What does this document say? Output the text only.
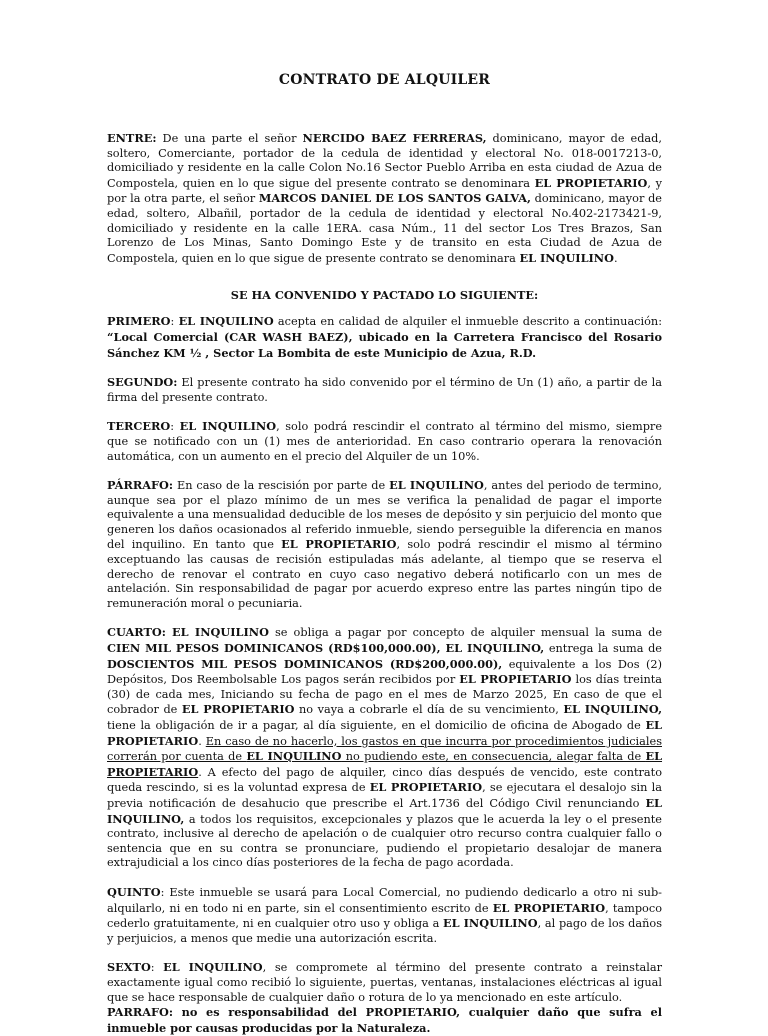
CONTRATO DE ALQUILER
ENTRE: De una parte el señor NERCIDO BAEZ FERRERAS, dominicano, mayor de edad, soltero, Comerciante, portador de la cedula de identidad y electoral No. 018-0017213-0, domiciliado y residente en la calle Colon No.16 Sector Pueblo Arriba en esta ciudad de Azua de Compostela, quien en lo que sigue del presente contrato se denominara EL PROPIETARIO, y por la otra parte, el señor MARCOS DANIEL DE LOS SANTOS GALVA, dominicano, mayor de edad, soltero, Albañil, portador de la cedula de identidad y electoral No.402-2173421-9, domiciliado y residente en la calle 1ERA. casa Núm., 11 del sector Los Tres Brazos, San Lorenzo de Los Minas, Santo Domingo Este y de transito en esta Ciudad de Azua de Compostela, quien en lo que sigue de presente contrato se denominara EL INQUILINO.
SE HA CONVENIDO Y PACTADO LO SIGUIENTE:
PRIMERO: EL INQUILINO acepta en calidad de alquiler el inmueble descrito a continuación: “Local Comercial (CAR WASH BAEZ), ubicado en la Carretera Francisco del Rosario Sánchez KM ½ , Sector La Bombita de este Municipio de Azua, R.D.
SEGUNDO: El presente contrato ha sido convenido por el término de Un (1) año, a partir de la firma del presente contrato.
TERCERO: EL INQUILINO, solo podrá rescindir el contrato al término del mismo, siempre que se notificado con un (1) mes de anterioridad. En caso contrario operara la renovación automática, con un aumento en el precio del Alquiler de un 10%.
PÁRRAFO: En caso de la rescisión por parte de EL INQUILINO, antes del periodo de termino, aunque sea por el plazo mínimo de un mes se verifica la penalidad de pagar el importe equivalente a una mensualidad deducible de los meses de depósito y sin perjuicio del monto que generen los daños ocasionados al referido inmueble, siendo perseguible la diferencia en manos del inquilino. En tanto que EL PROPIETARIO, solo podrá rescindir el mismo al término exceptuando las causas de recisión estipuladas más adelante, al tiempo que se reserva el derecho de renovar el contrato en cuyo caso negativo deberá notificarlo con un mes de antelación. Sin responsabilidad de pagar por acuerdo expreso entre las partes ningún tipo de remuneración moral o pecuniaria.
CUARTO: EL INQUILINO se obliga a pagar por concepto de alquiler mensual la suma de CIEN MIL PESOS DOMINICANOS (RD$100,000.00), EL INQUILINO, entrega la suma de DOSCIENTOS MIL PESOS DOMINICANOS (RD$200,000.00), equivalente a los Dos (2) Depósitos, Dos Reembolsable Los pagos serán recibidos por EL PROPIETARIO los días treinta (30) de cada mes, Iniciando su fecha de pago en el mes de Marzo 2025, En caso de que el cobrador de EL PROPIETARIO no vaya a cobrarle el día de su vencimiento, EL INQUILINO, tiene la obligación de ir a pagar, al día siguiente, en el domicilio de oficina de Abogado de EL PROPIETARIO. En caso de no hacerlo, los gastos en que incurra por procedimientos judiciales correrán por cuenta de EL INQUILINO no pudiendo este, en consecuencia, alegar falta de EL PROPIETARIO. A efecto del pago de alquiler, cinco días después de vencido, este contrato queda rescindo, si es la voluntad expresa de EL PROPIETARIO, se ejecutara el desalojo sin la previa notificación de desahucio que prescribe el Art.1736 del Código Civil renunciando EL INQUILINO, a todos los requisitos, excepcionales y plazos que le acuerda la ley o el presente contrato, inclusive al derecho de apelación o de cualquier otro recurso contra cualquier fallo o sentencia que en su contra se pronunciare, pudiendo el propietario desalojar de manera extrajudicial a los cinco días posteriores de la fecha de pago acordada.
QUINTO: Este inmueble se usará para Local Comercial, no pudiendo dedicarlo a otro ni sub-alquilarlo, ni en todo ni en parte, sin el consentimiento escrito de EL PROPIETARIO, tampoco cederlo gratuitamente, ni en cualquier otro uso y obliga a EL INQUILINO, al pago de los daños y perjuicios, a menos que medie una autorización escrita.
SEXTO: EL INQUILINO, se compromete al término del presente contrato a reinstalar exactamente igual como recibió lo siguiente, puertas, ventanas, instalaciones eléctricas al igual que se hace responsable de cualquier daño o rotura de lo ya mencionado en este artículo.
PARRAFO: no es responsabilidad del PROPIETARIO, cualquier daño que sufra el inmueble por causas producidas por la Naturaleza.
